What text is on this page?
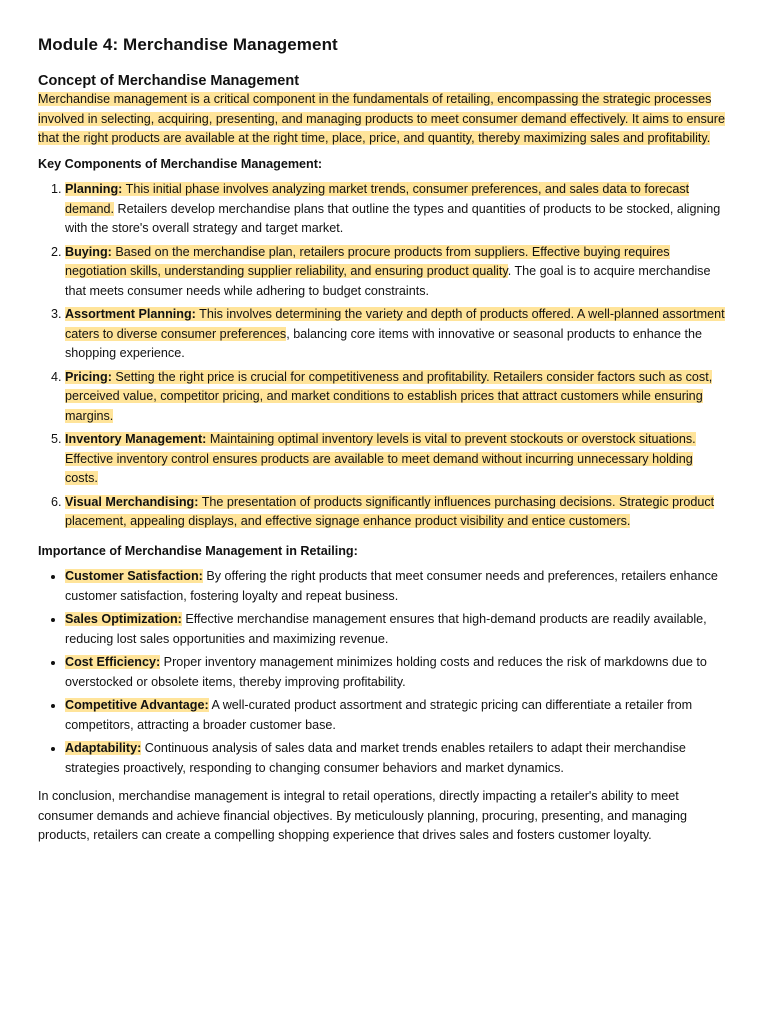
Module 4: Merchandise Management
Concept of Merchandise Management

Merchandise management is a critical component in the fundamentals of retailing, encompassing the strategic processes involved in selecting, acquiring, presenting, and managing products to meet consumer demand effectively. It aims to ensure that the right products are available at the right time, place, price, and quantity, thereby maximizing sales and profitability.

Key Components of Merchandise Management:

1. Planning: This initial phase involves analyzing market trends, consumer preferences, and sales data to forecast demand. Retailers develop merchandise plans that outline the types and quantities of products to be stocked, aligning with the store's overall strategy and target market.
2. Buying: Based on the merchandise plan, retailers procure products from suppliers. Effective buying requires negotiation skills, understanding supplier reliability, and ensuring product quality. The goal is to acquire merchandise that meets consumer needs while adhering to budget constraints.
3. Assortment Planning: This involves determining the variety and depth of products offered. A well-planned assortment caters to diverse consumer preferences, balancing core items with innovative or seasonal products to enhance the shopping experience.
4. Pricing: Setting the right price is crucial for competitiveness and profitability. Retailers consider factors such as cost, perceived value, competitor pricing, and market conditions to establish prices that attract customers while ensuring margins.
5. Inventory Management: Maintaining optimal inventory levels is vital to prevent stockouts or overstock situations. Effective inventory control ensures products are available to meet demand without incurring unnecessary holding costs.
6. Visual Merchandising: The presentation of products significantly influences purchasing decisions. Strategic product placement, appealing displays, and effective signage enhance product visibility and entice customers.

Importance of Merchandise Management in Retailing:

• Customer Satisfaction: By offering the right products that meet consumer needs and preferences, retailers enhance customer satisfaction, fostering loyalty and repeat business.
• Sales Optimization: Effective merchandise management ensures that high-demand products are readily available, reducing lost sales opportunities and maximizing revenue.
• Cost Efficiency: Proper inventory management minimizes holding costs and reduces the risk of markdowns due to overstocked or obsolete items, thereby improving profitability.
• Competitive Advantage: A well-curated product assortment and strategic pricing can differentiate a retailer from competitors, attracting a broader customer base.
• Adaptability: Continuous analysis of sales data and market trends enables retailers to adapt their merchandise strategies proactively, responding to changing consumer behaviors and market dynamics.

In conclusion, merchandise management is integral to retail operations, directly impacting a retailer's ability to meet consumer demands and achieve financial objectives. By meticulously planning, procuring, presenting, and managing products, retailers can create a compelling shopping experience that drives sales and fosters customer loyalty.
